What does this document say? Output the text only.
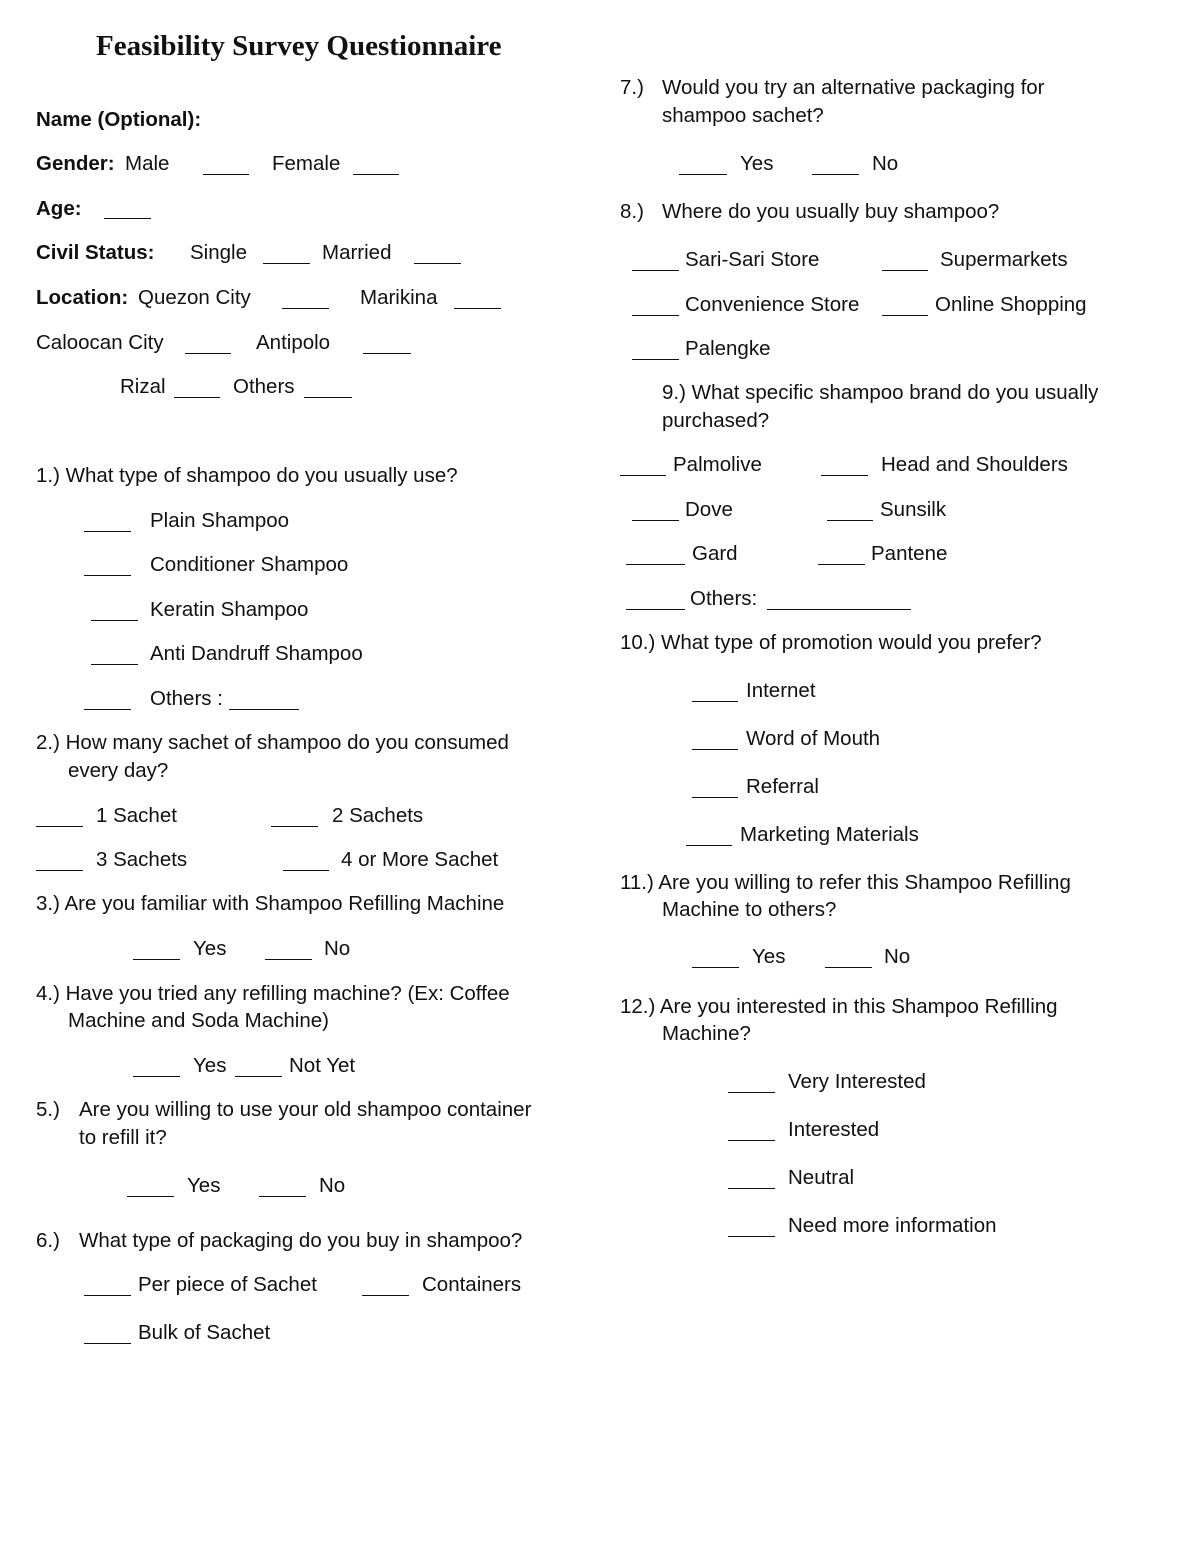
Feasibility Survey Questionnaire
Name (Optional):
Gender: Male	Female
Age:
Civil Status: Single	Married
Location: Quezon City	Marikina
Caloocan City	Antipolo
Rizal	Others
1.) What type of shampoo do you usually use?
Plain Shampoo
Conditioner Shampoo
Keratin Shampoo
Anti Dandruff Shampoo
Others :
2.) How many sachet of shampoo do you consumed
every day?
1 Sachet	2 Sachets
3 Sachets	4 or More Sachet
3.) Are you familiar with Shampoo Refilling Machine
Yes	No
4.) Have you tried any refilling machine? (Ex: Coffee
Machine and Soda Machine)
Yes	Not Yet
5.) Are you willing to use your old shampoo container
to refill it?
Yes	No
6.) What type of packaging do you buy in shampoo?
Per piece of Sachet	Containers
Bulk of Sachet
7.) Would you try an alternative packaging for
shampoo sachet?
Yes	No
8.) Where do you usually buy shampoo?
Sari-Sari Store	Supermarkets
Convenience Store	Online Shopping
Palengke
9.) What specific shampoo brand do you usually
purchased?
Palmolive	Head and Shoulders
Dove	Sunsilk
Gard	Pantene
Others:
10.) What type of promotion would you prefer?
Internet
Word of Mouth
Referral
Marketing Materials
11.) Are you willing to refer this Shampoo Refilling
Machine to others?
Yes	No
12.) Are you interested in this Shampoo Refilling
Machine?
Very Interested
Interested
Neutral
Need more information
